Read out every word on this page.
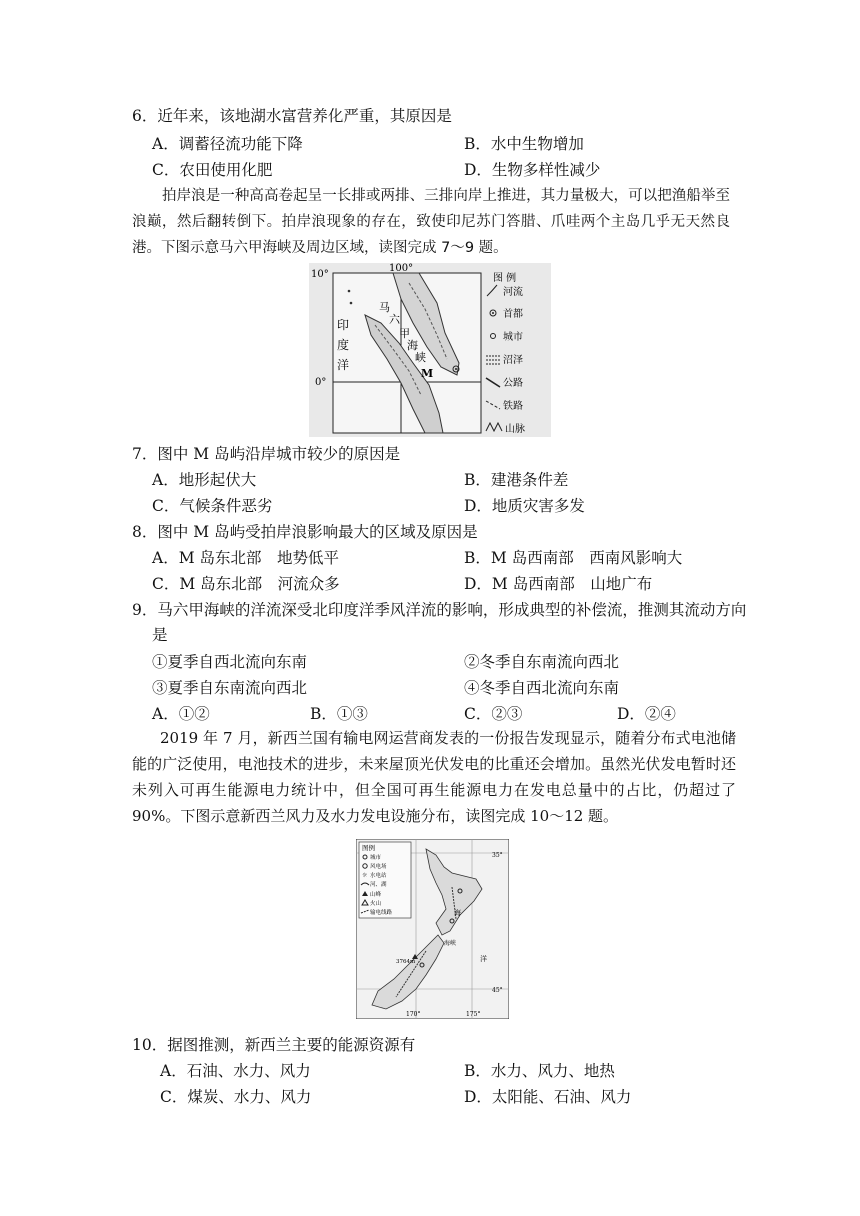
6．近年来，该地湖水富营养化严重，其原因是
A．调蓄径流功能下降	B．水中生物增加
C．农田使用化肥	D．生物多样性减少
拍岸浪是一种高高卷起呈一长排或两排、三排向岸上推进，其力量极大，可以把渔船举至浪巅，然后翻转倒下。拍岸浪现象的存在，致使印尼苏门答腊、爪哇两个主岛几乎无天然良港。下图示意马六甲海峡及周边区域，读图完成 7～9 题。
10°
0°
100°
印
度
洋
马
六
甲
海
峡
M
图 例
河流
首都
城市
沼泽
公路
铁路
山脉
7．图中 M 岛屿沿岸城市较少的原因是
A．地形起伏大	B．建港条件差
C．气候条件恶劣	D．地质灾害多发
8．图中 M 岛屿受拍岸浪影响最大的区域及原因是
A．M 岛东北部　地势低平	B．M 岛西南部　西南风影响大
C．M 岛东北部　河流众多	D．M 岛西南部　山地广布
9．马六甲海峡的洋流深受北印度洋季风洋流的影响，形成典型的补偿流，推测其流动方向
是
①夏季自西北流向东南	②冬季自东南流向西北
③夏季自东南流向西北	④冬季自西北流向东南
A．①②	B．①③	C．②③	D．②④
2019 年 7 月，新西兰国有输电网运营商发表的一份报告发现显示，随着分布式电池储能的广泛使用，电池技术的进步，未来屋顶光伏发电的比重还会增加。虽然光伏发电暂时还未列入可再生能源电力统计中，但全国可再生能源电力在发电总量中的占比，仍超过了 90%。下图示意新西兰风力及水力发电设施分布，读图完成 10～12 题。
图例
城市
风电场
☼ 水电站
河、湖
山峰
火山
输电线路
35°
45°
170°	175°
海
洋
海峡
3764m
10．据图推测，新西兰主要的能源资源有
A．石油、水力、风力	B．水力、风力、地热
C．煤炭、水力、风力	D．太阳能、石油、风力
